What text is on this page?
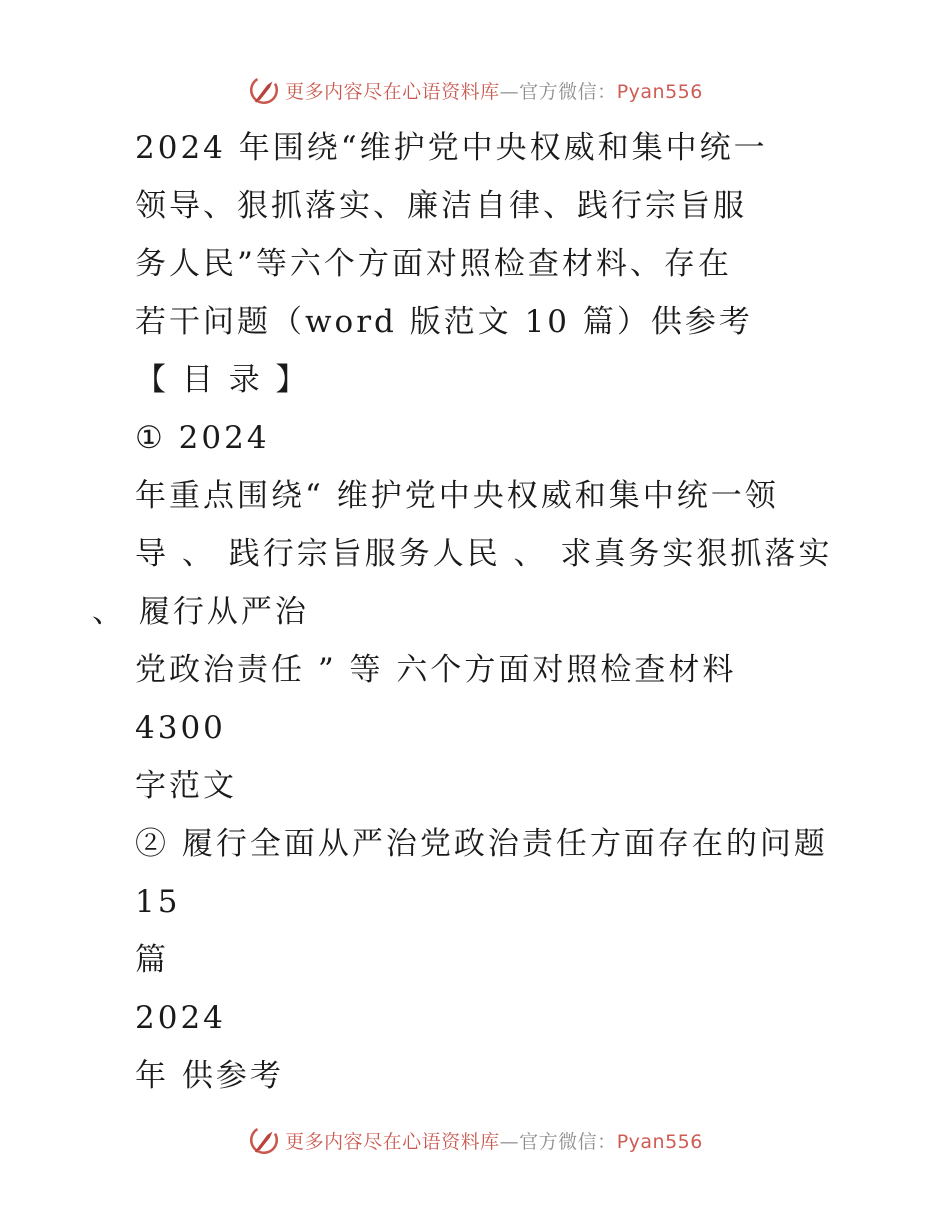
更多内容尽在心语资料库—官方微信：Pyan556
2024 年围绕“维护党中央权威和集中统一
领导、狠抓落实、廉洁自律、践行宗旨服
务人民”等六个方面对照检查材料、存在
若干问题（word 版范文 10 篇）供参考
【 目 录 】
① 2024
年重点围绕“ 维护党中央权威和集中统一领
导 、 践行宗旨服务人民 、 求真务实狠抓落实
、 履行从严治
党政治责任 ” 等 六个方面对照检查材料
4300
字范文
② 履行全面从严治党政治责任方面存在的问题
15
篇
2024
年 供参考
更多内容尽在心语资料库—官方微信：Pyan556
